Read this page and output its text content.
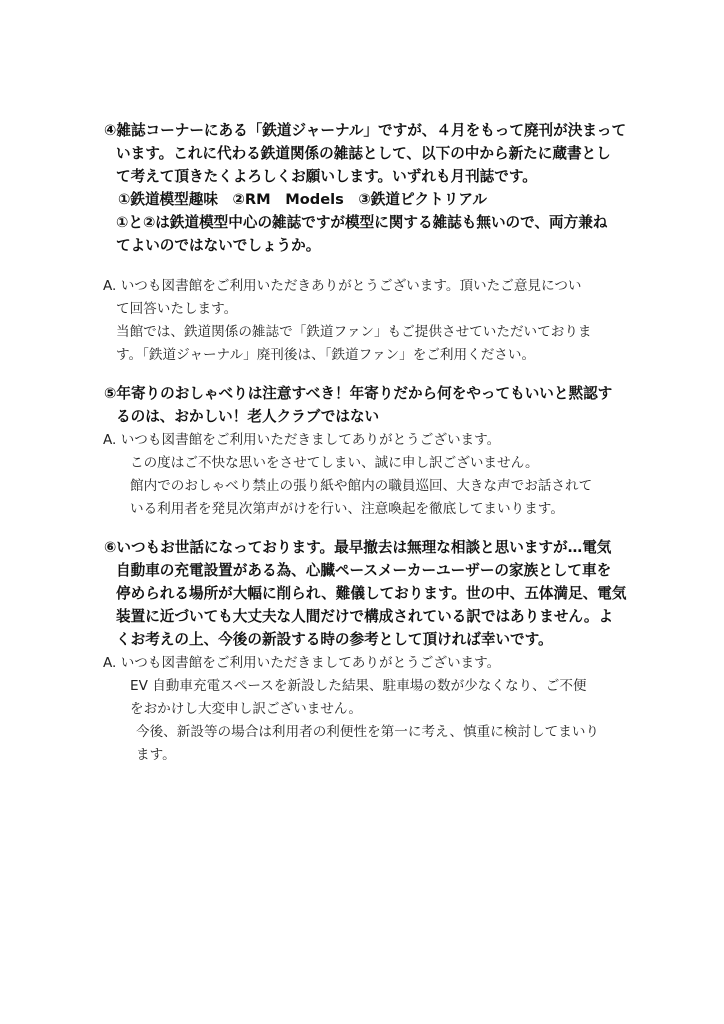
④雑誌コーナーにある「鉄道ジャーナル」ですが、４月をもって廃刊が決まって
います。これに代わる鉄道関係の雑誌として、以下の中から新たに蔵書とし
て考えて頂きたくよろしくお願いします。いずれも月刊誌です。
①鉄道模型趣味　②RM　Models　③鉄道ピクトリアル
①と②は鉄道模型中心の雑誌ですが模型に関する雑誌も無いので、両方兼ね
てよいのではないでしょうか。
A. いつも図書館をご利用いただきありがとうございます。頂いたご意見につい
て回答いたします。
当館では、鉄道関係の雑誌で「鉄道ファン」もご提供させていただいておりま
す。「鉄道ジャーナル」廃刊後は、「鉄道ファン」をご利用ください。
⑤年寄りのおしゃべりは注意すべき！年寄りだから何をやってもいいと黙認す
るのは、おかしい！老人クラブではない
A. いつも図書館をご利用いただきましてありがとうございます。
この度はご不快な思いをさせてしまい、誠に申し訳ございません。
館内でのおしゃべり禁止の張り紙や館内の職員巡回、大きな声でお話されて
いる利用者を発見次第声がけを行い、注意喚起を徹底してまいります。
⑥いつもお世話になっております。最早撤去は無理な相談と思いますが…電気
自動車の充電設置がある為、心臓ペースメーカーユーザーの家族として車を
停められる場所が大幅に削られ、難儀しております。世の中、五体満足、電気
装置に近づいても大丈夫な人間だけで構成されている訳ではありません。よ
くお考えの上、今後の新設する時の参考として頂ければ幸いです。
A. いつも図書館をご利用いただきましてありがとうございます。
EV 自動車充電スペースを新設した結果、駐車場の数が少なくなり、ご不便
をおかけし大変申し訳ございません。
今後、新設等の場合は利用者の利便性を第一に考え、慎重に検討してまいり
ます。
